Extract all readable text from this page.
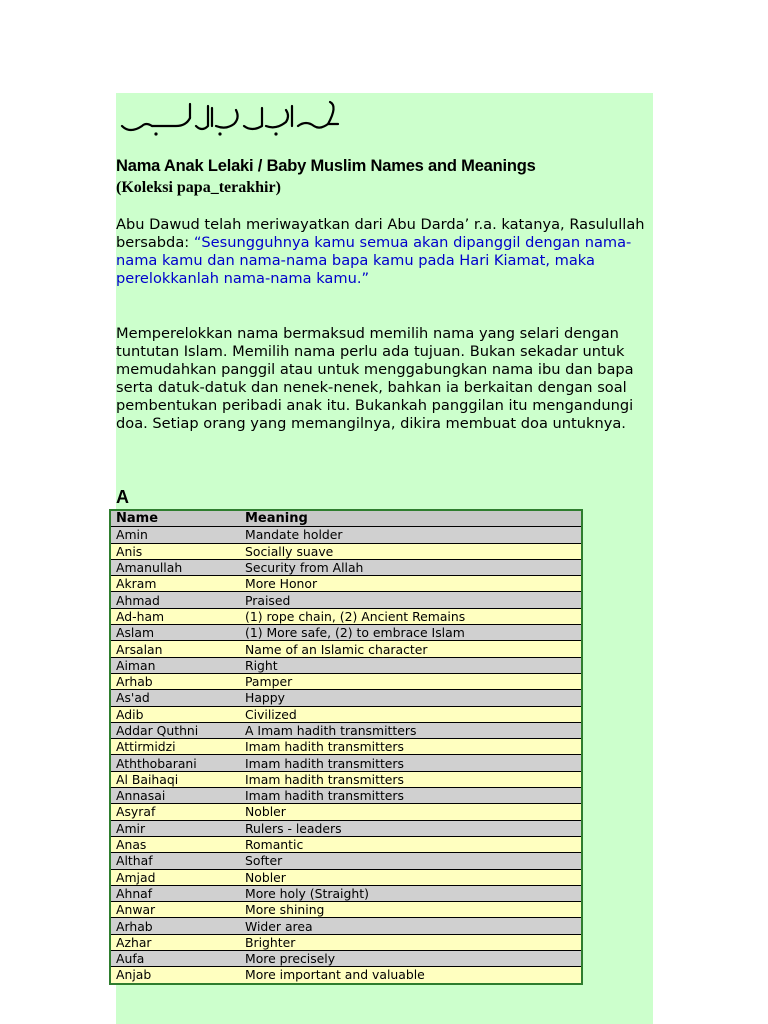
Nama Anak Lelaki / Baby Muslim Names and Meanings
(Koleksi papa_terakhir)
Abu Dawud telah meriwayatkan dari Abu Darda’ r.a. katanya, Rasulullah bersabda: “Sesungguhnya kamu semua akan dipanggil dengan nama-nama kamu dan nama-nama bapa kamu pada Hari Kiamat, maka perelokkanlah nama-nama kamu.”
Memperelokkan nama bermaksud memilih nama yang selari dengan tuntutan Islam. Memilih nama perlu ada tujuan. Bukan sekadar untuk memudahkan panggil atau untuk menggabungkan nama ibu dan bapa serta datuk-datuk dan nenek-nenek, bahkan ia berkaitan dengan soal pembentukan peribadi anak itu. Bukankah panggilan itu mengandungi doa. Setiap orang yang memangilnya, dikira membuat doa untuknya.
A
Name	Meaning
Amin	Mandate holder
Anis	Socially suave
Amanullah	Security from Allah
Akram	More Honor
Ahmad	Praised
Ad-ham	(1) rope chain, (2) Ancient Remains
Aslam	(1) More safe, (2) to embrace Islam
Arsalan	Name of an Islamic character
Aiman	Right
Arhab	Pamper
As'ad	Happy
Adib	Civilized
Addar Quthni	A Imam hadith transmitters
Attirmidzi	Imam hadith transmitters
Aththobarani	Imam hadith transmitters
Al Baihaqi	Imam hadith transmitters
Annasai	Imam hadith transmitters
Asyraf	Nobler
Amir	Rulers - leaders
Anas	Romantic
Althaf	Softer
Amjad	Nobler
Ahnaf	More holy (Straight)
Anwar	More shining
Arhab	Wider area
Azhar	Brighter
Aufa	More precisely
Anjab	More important and valuable
